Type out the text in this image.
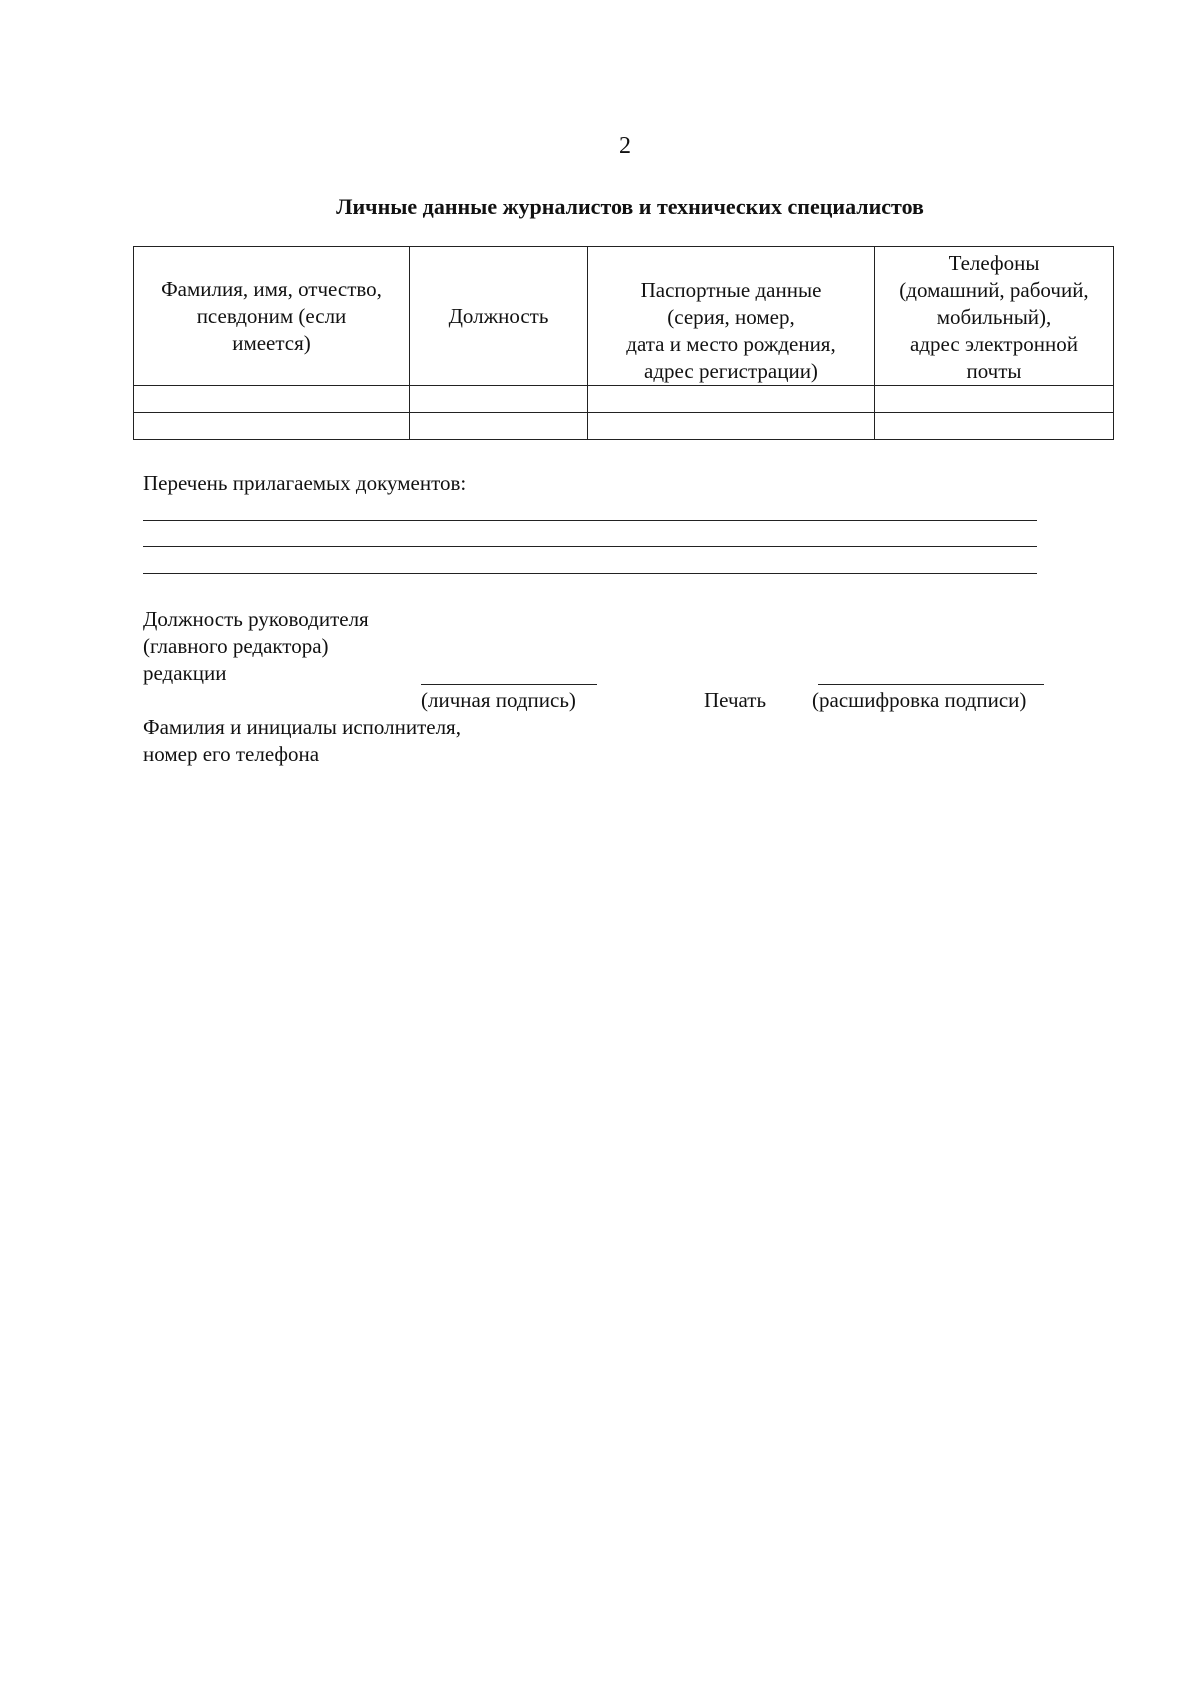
2
Личные данные журналистов и технических специалистов
Фамилия, имя, отчество,
псевдоним (если
имеется)	Должность	Паспортные данные
(серия, номер,
дата и место рождения,
адрес регистрации)	Телефоны
(домашний, рабочий,
мобильный),
адрес электронной
почты

Перечень прилагаемых документов:
Должность руководителя
(главного редактора)
редакции
(личная подпись)	Печать (расшифровка подписи)
Фамилия и инициалы исполнителя,
номер его телефона
